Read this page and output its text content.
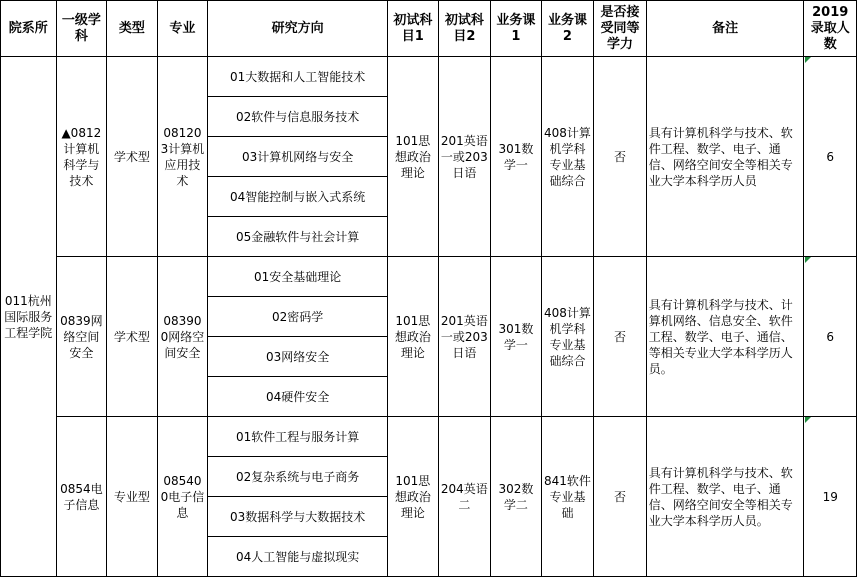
院系所	一级学科	类型	专业	研究方向	初试科目1	初试科目2	业务课1	业务课2	是否接受同等学力	备注	2019录取人数
011杭州国际服务工程学院	▲0812计算机科学与技术	学术型	081203计算机应用技术	01大数据和人工智能技术	101思想政治理论	201英语一或203日语	301数学一	408计算机学科专业基础综合	否	具有计算机科学与技术、软件工程、数学、电子、通信、网络空间安全等相关专业大学本科学历人员	6
				02软件与信息服务技术							
				03计算机网络与安全							
				04智能控制与嵌入式系统							
				05金融软件与社会计算							
	0839网络空间安全	学术型	083900网络空间安全	01安全基础理论	101思想政治理论	201英语一或203日语	301数学一	408计算机学科专业基础综合	否	具有计算机科学与技术、计算机网络、信息安全、软件工程、数学、电子、通信、等相关专业大学本科学历人员。	6
				02密码学							
				03网络安全							
				04硬件安全							
	0854电子信息	专业型	085400电子信息	01软件工程与服务计算	101思想政治理论	204英语二	302数学二	841软件专业基础	否	具有计算机科学与技术、软件工程、数学、电子、通信、网络空间安全等相关专业大学本科学历人员。	19
				02复杂系统与电子商务							
				03数据科学与大数据技术							
				04人工智能与虚拟现实							
